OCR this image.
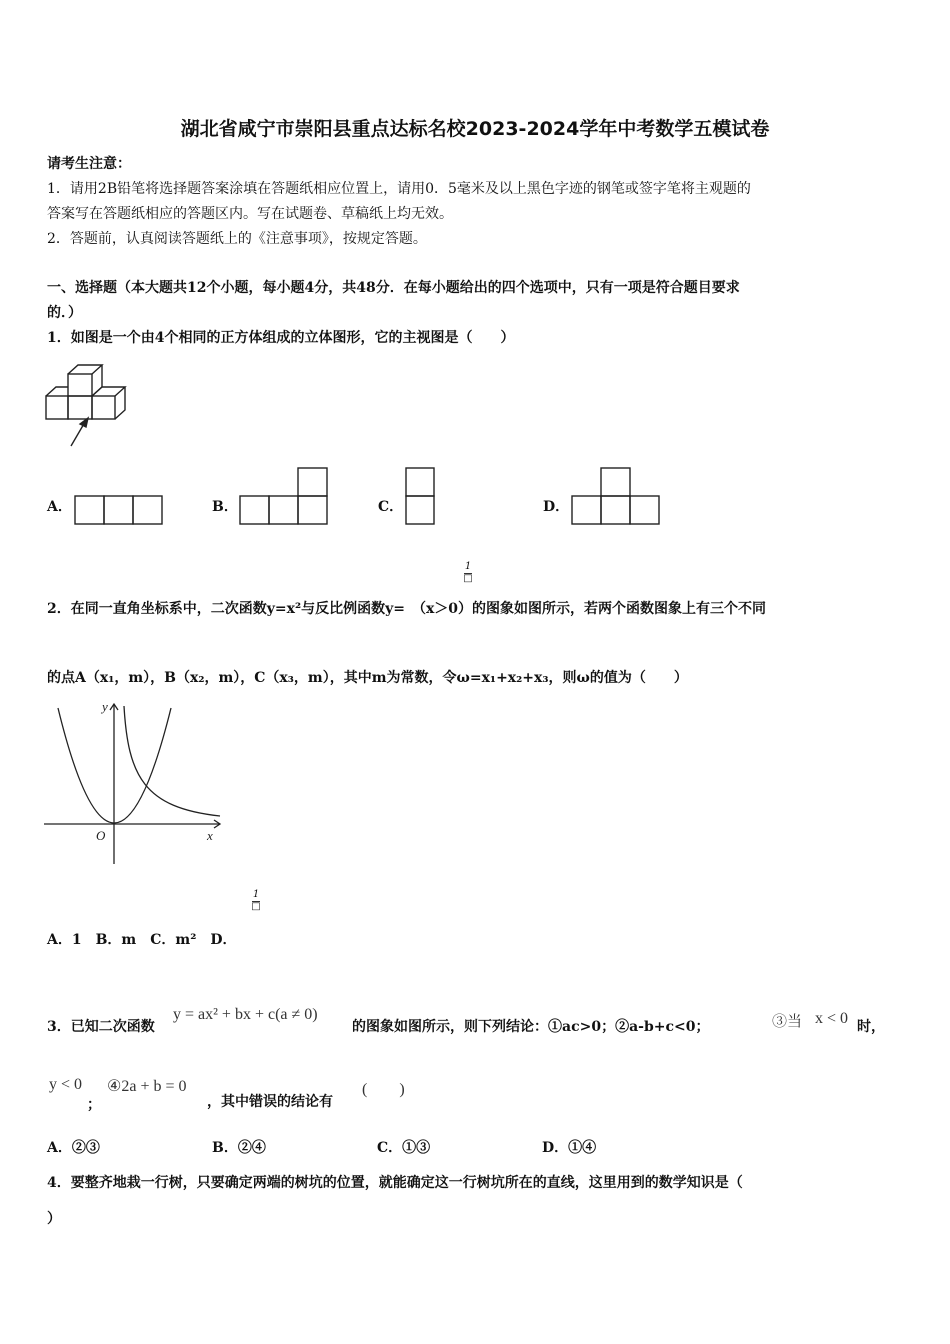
湖北省咸宁市崇阳县重点达标名校2023-2024学年中考数学五模试卷
请考生注意：
1．请用2B铅笔将选择题答案涂填在答题纸相应位置上，请用0．5毫米及以上黑色字迹的钢笔或签字笔将主观题的
答案写在答题纸相应的答题区内。写在试题卷、草稿纸上均无效。
2．答题前，认真阅读答题纸上的《注意事项》，按规定答题。
一、选择题（本大题共12个小题，每小题4分，共48分．在每小题给出的四个选项中，只有一项是符合题目要求
的．）
1．如图是一个由4个相同的正方体组成的立体图形，它的主视图是（　　）
A．	B．	C．	D．
1
□
2．在同一直角坐标系中，二次函数y=x²与反比例函数y=　（x＞0）的图象如图所示，若两个函数图象上有三个不同
的点A（x₁，m），B（x₂，m），C（x₃，m），其中m为常数，令ω=x₁+x₂+x₃，则ω的值为（　　）
y
x
O
1
□
A．1　B．m　C．m²　D．
3．已知二次函数
y = ax² + bx + c(a ≠ 0)
的图象如图所示，则下列结论：①ac>0；②a-b+c<0；	③当 x < 0 时，
y < 0
；
④2a + b = 0
，其中错误的结论有
(　　)
A．②③	B．②④	C．①③	D．①④
4．要整齐地栽一行树，只要确定两端的树坑的位置，就能确定这一行树坑所在的直线，这里用到的数学知识是（
）
